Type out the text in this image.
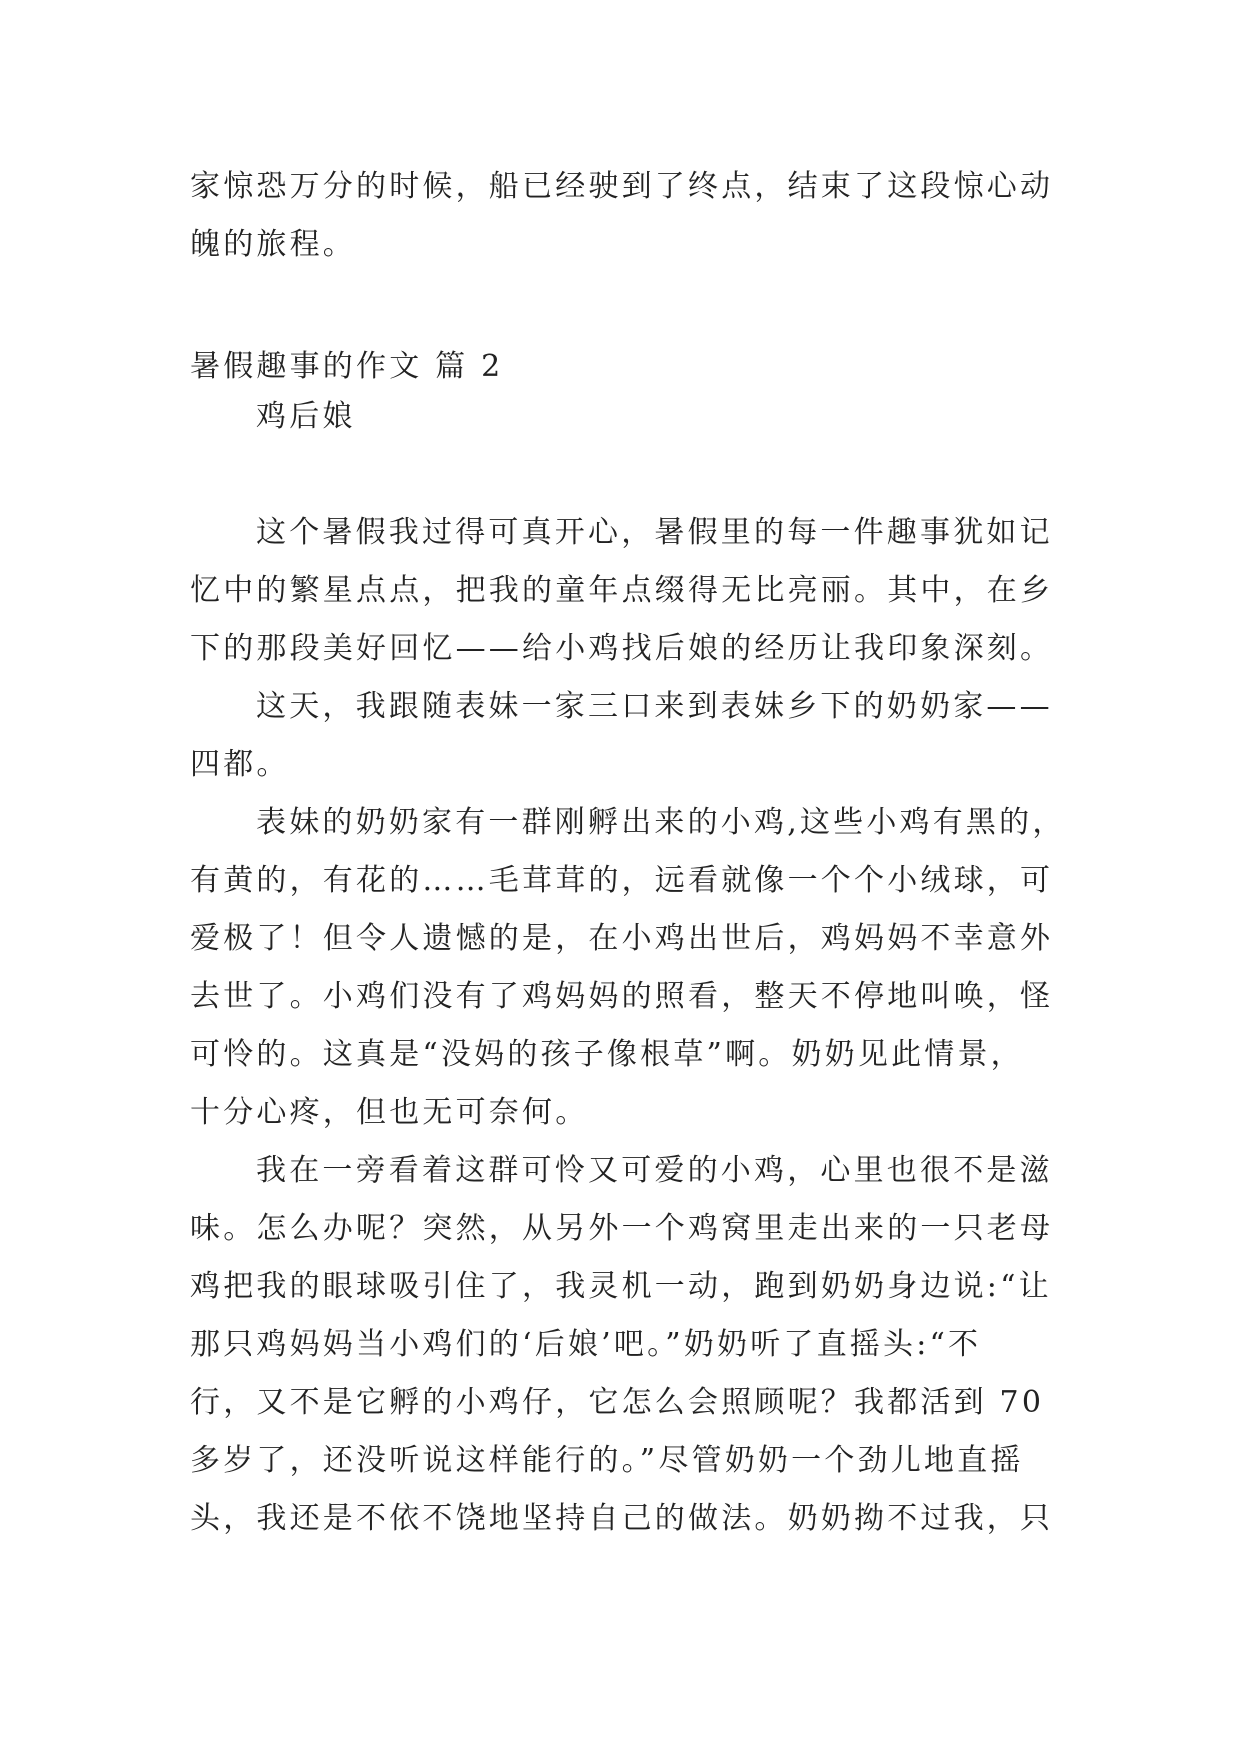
家惊恐万分的时候，船已经驶到了终点，结束了这段惊心动
魄的旅程。
暑假趣事的作文 篇 2
鸡后娘
这个暑假我过得可真开心，暑假里的每一件趣事犹如记
忆中的繁星点点，把我的童年点缀得无比亮丽。其中，在乡
下的那段美好回忆——给小鸡找后娘的经历让我印象深刻。
这天，我跟随表妹一家三口来到表妹乡下的奶奶家——
四都。
表妹的奶奶家有一群刚孵出来的小鸡,这些小鸡有黑的，
有黄的，有花的……毛茸茸的，远看就像一个个小绒球，可
爱极了！但令人遗憾的是，在小鸡出世后，鸡妈妈不幸意外
去世了。小鸡们没有了鸡妈妈的照看，整天不停地叫唤，怪
可怜的。这真是“没妈的孩子像根草”啊。奶奶见此情景，
十分心疼，但也无可奈何。
我在一旁看着这群可怜又可爱的小鸡，心里也很不是滋
味。怎么办呢？突然，从另外一个鸡窝里走出来的一只老母
鸡把我的眼球吸引住了，我灵机一动，跑到奶奶身边说:“让
那只鸡妈妈当小鸡们的‘后娘’吧。”奶奶听了直摇头:“不
行，又不是它孵的小鸡仔，它怎么会照顾呢？我都活到 70
多岁了，还没听说这样能行的。”尽管奶奶一个劲儿地直摇
头，我还是不依不饶地坚持自己的做法。奶奶拗不过我，只
